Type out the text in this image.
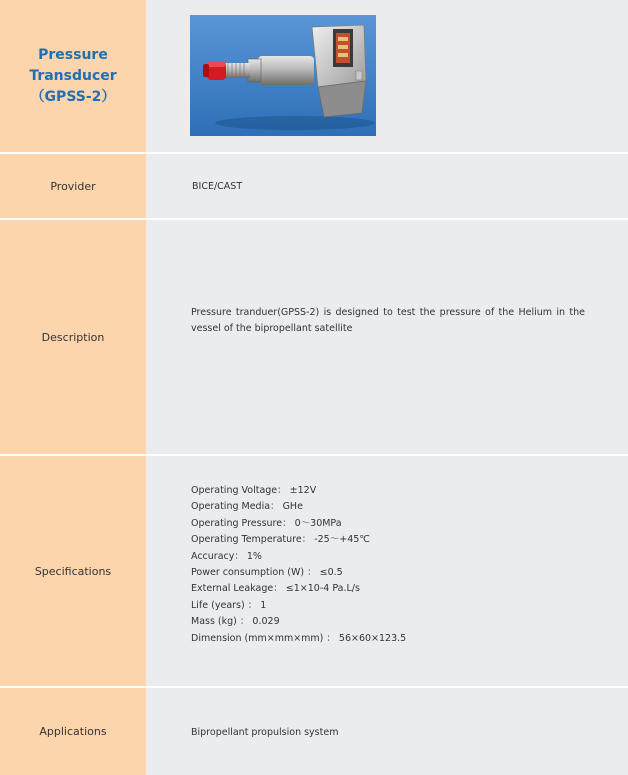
Pressure
Transducer
（GPSS-2）
Provider	BICE/CAST
Description

Pressure tranduer(GPSS-2) is designed to test the pressure of the Helium in the vessel of the bipropellant satellite

Specifications
Operating Voltage： ±12V
Operating Media： GHe
Operating Pressure： 0～30MPa
Operating Temperature： -25～+45℃
Accuracy： 1%
Power consumption (W) ： ≤0.5
External Leakage： ≤1×10-4 Pa.L/s
Life (years) ： 1
Mass (kg) ： 0.029
Dimension (mm×mm×mm) ： 56×60×123.5
Applications	Bipropellant propulsion system
